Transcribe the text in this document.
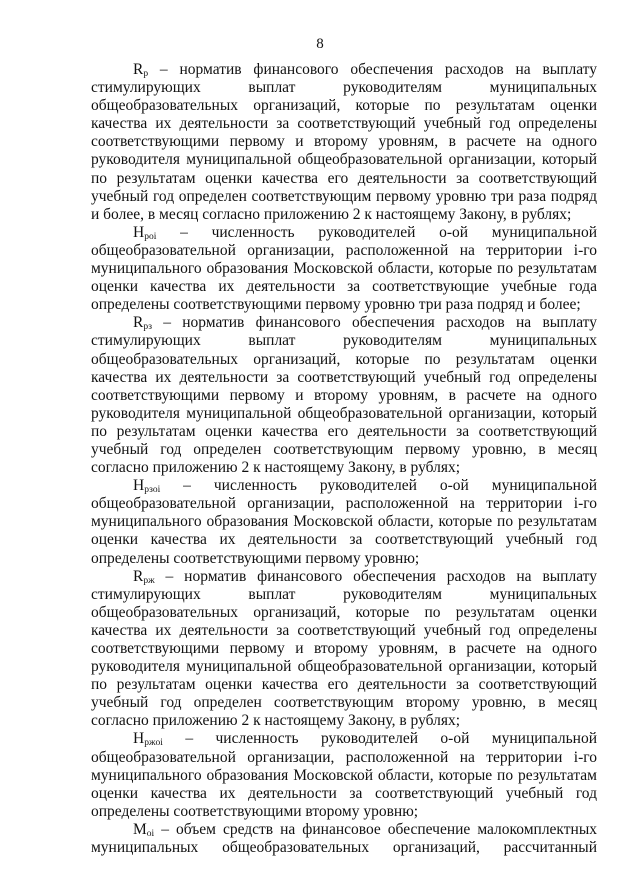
8

$R_р$ – норматив финансового обеспечения расходов на выплату стимулирующих выплат руководителям муниципальных общеобразовательных организаций, которые по результатам оценки качества их деятельности за соответствующий учебный год определены соответствующими первому и второму уровням, в расчете на одного руководителя муниципальной общеобразовательной организации, который по результатам оценки качества его деятельности за соответствующий учебный год определен соответствующим первому уровню три раза подряд и более, в месяц согласно приложению 2 к настоящему Закону, в рублях;

$Н_{рoi}$ – численность руководителей о-ой муниципальной общеобразовательной организации, расположенной на территории i-го муниципального образования Московской области, которые по результатам оценки качества их деятельности за соответствующие учебные года определены соответствующими первому уровню три раза подряд и более;

$R_{рз}$ – норматив финансового обеспечения расходов на выплату стимулирующих выплат руководителям муниципальных общеобразовательных организаций, которые по результатам оценки качества их деятельности за соответствующий учебный год определены соответствующими первому и второму уровням, в расчете на одного руководителя муниципальной общеобразовательной организации, который по результатам оценки качества его деятельности за соответствующий учебный год определен соответствующим первому уровню, в месяц согласно приложению 2 к настоящему Закону, в рублях;

$Н_{рзoi}$ – численность руководителей о-ой муниципальной общеобразовательной организации, расположенной на территории i-го муниципального образования Московской области, которые по результатам оценки качества их деятельности за соответствующий учебный год определены соответствующими первому уровню;

$R_{рж}$ – норматив финансового обеспечения расходов на выплату стимулирующих выплат руководителям муниципальных общеобразовательных организаций, которые по результатам оценки качества их деятельности за соответствующий учебный год определены соответствующими первому и второму уровням, в расчете на одного руководителя муниципальной общеобразовательной организации, который по результатам оценки качества его деятельности за соответствующий учебный год определен соответствующим второму уровню, в месяц согласно приложению 2 к настоящему Закону, в рублях;

$Н_{ржoi}$ – численность руководителей о-ой муниципальной общеобразовательной организации, расположенной на территории i-го муниципального образования Московской области, которые по результатам оценки качества их деятельности за соответствующий учебный год определены соответствующими второму уровню;

$М_{oi}$ – объем средств на финансовое обеспечение малокомплектных муниципальных общеобразовательных организаций, рассчитанный
